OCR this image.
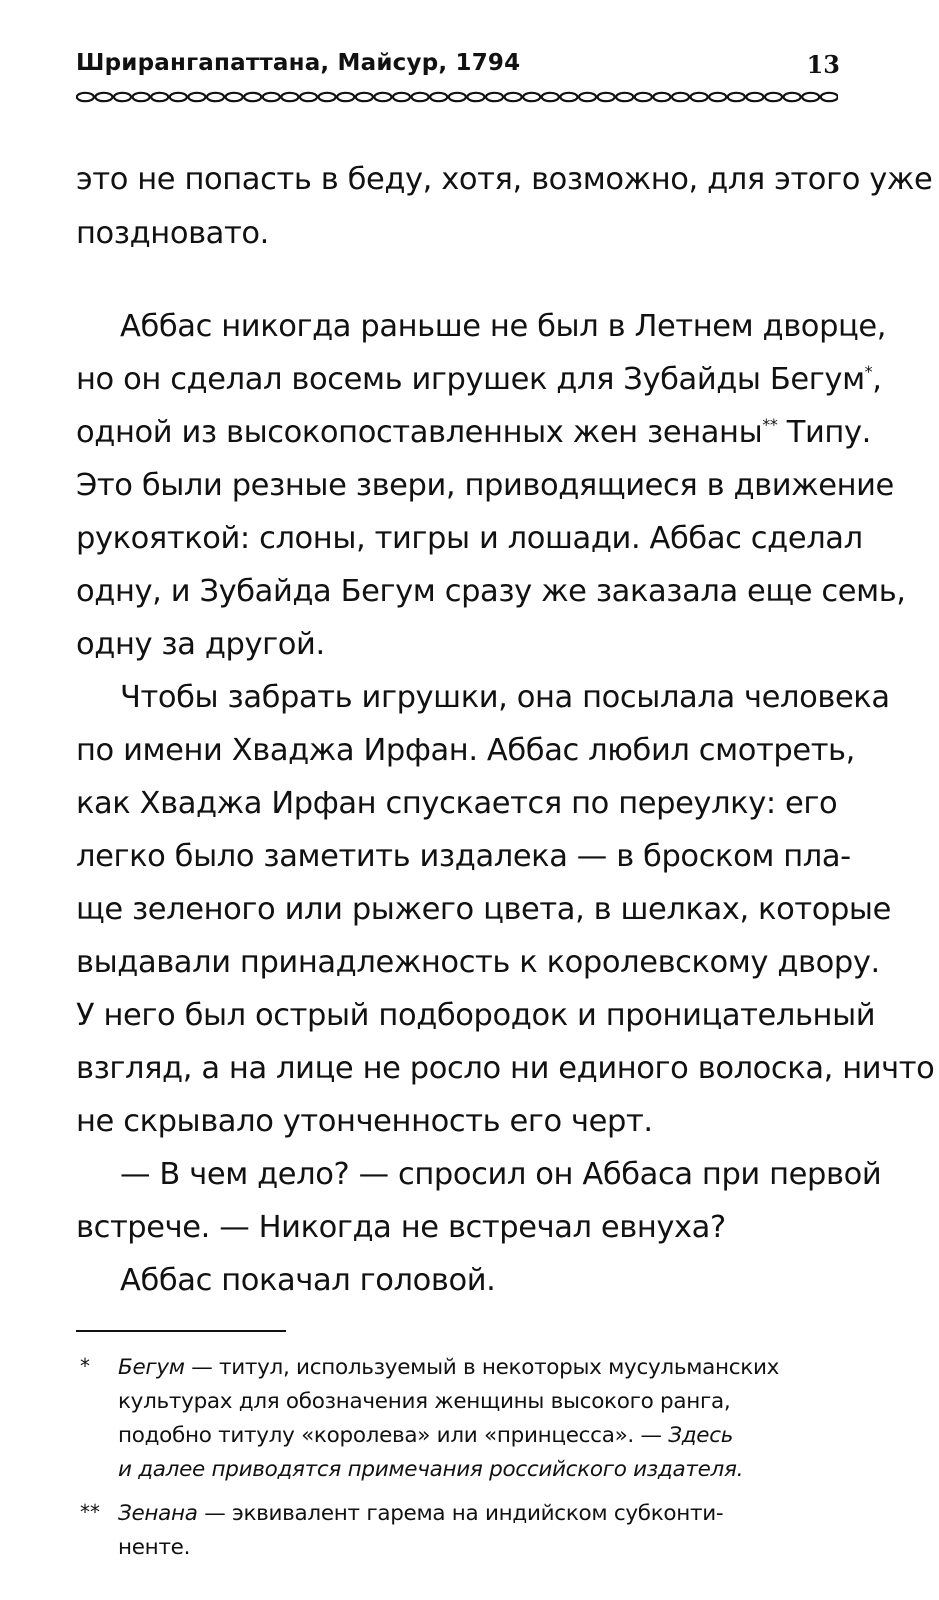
Шрирангапаттана, Майсур, 1794	13
это не попасть в беду, хотя, возможно, для этого уже
поздновато.
Аббас никогда раньше не был в Летнем дворце,
но он сделал восемь игрушек для Зубайды Бегум*,
одной из высокопоставленных жен зенаны** Типу.
Это были резные звери, приводящиеся в движение
рукояткой: слоны, тигры и лошади. Аббас сделал
одну, и Зубайда Бегум сразу же заказала еще семь,
одну за другой.
Чтобы забрать игрушки, она посылала человека
по имени Хваджа Ирфан. Аббас любил смотреть,
как Хваджа Ирфан спускается по переулку: его
легко было заметить издалека — в броском пла-
ще зеленого или рыжего цвета, в шелках, которые
выдавали принадлежность к королевскому двору.
У него был острый подбородок и проницательный
взгляд, а на лице не росло ни единого волоска, ничто
не скрывало утонченность его черт.
— В чем дело? — спросил он Аббаса при первой
встрече. — Никогда не встречал евнуха?
Аббас покачал головой.
* Бегум — титул, используемый в некоторых мусульманских
культурах для обозначения женщины высокого ранга,
подобно титулу «королева» или «принцесса». — Здесь
и далее приводятся примечания российского издателя.
** Зенана — эквивалент гарема на индийском субконти-
ненте.
